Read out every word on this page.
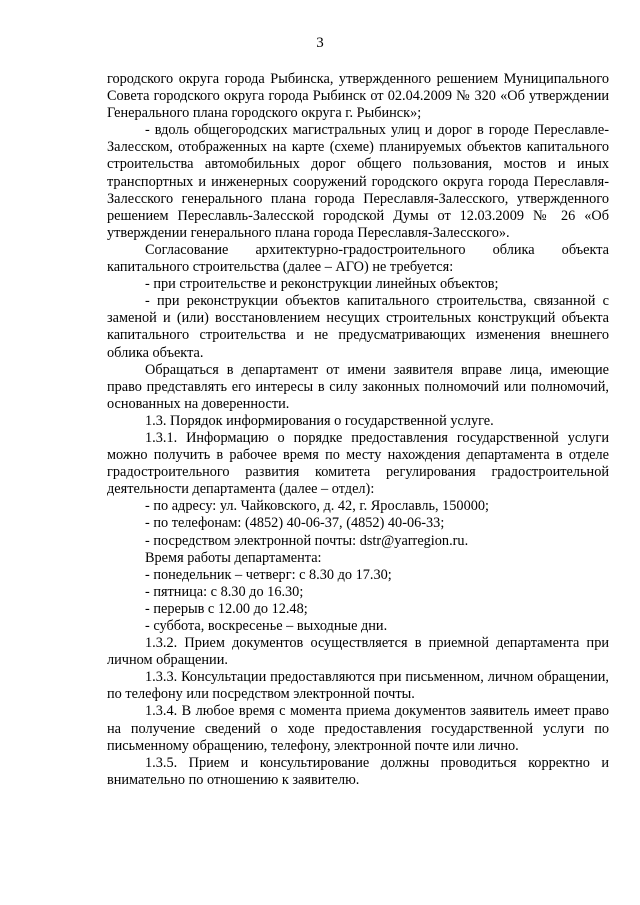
3

городского округа города Рыбинска, утвержденного решением Муниципального Совета городского округа города Рыбинск от 02.04.2009 № 320 «Об утверждении Генерального плана городского округа г. Рыбинск»;

- вдоль общегородских магистральных улиц и дорог в городе Переславле-Залесском, отображенных на карте (схеме) планируемых объектов капитального строительства автомобильных дорог общего пользования, мостов и иных транспортных и инженерных сооружений городского округа города Переславля-Залесского генерального плана города Переславля-Залесского, утвержденного решением Переславль-Залесской городской Думы от 12.03.2009 № 26 «Об утверждении генерального плана города Переславля-Залесского».

Согласование архитектурно-градостроительного облика объекта капитального строительства (далее – АГО) не требуется:

- при строительстве и реконструкции линейных объектов;

- при реконструкции объектов капитального строительства, связанной с заменой и (или) восстановлением несущих строительных конструкций объекта капитального строительства и не предусматривающих изменения внешнего облика объекта.

Обращаться в департамент от имени заявителя вправе лица, имеющие право представлять его интересы в силу законных полномочий или полномочий, основанных на доверенности.

1.3. Порядок информирования о государственной услуге.

1.3.1. Информацию о порядке предоставления государственной услуги можно получить в рабочее время по месту нахождения департамента в отделе градостроительного развития комитета регулирования градостроительной деятельности департамента (далее – отдел):

- по адресу: ул. Чайковского, д. 42, г. Ярославль, 150000;

- по телефонам: (4852) 40-06-37, (4852) 40-06-33;

- посредством электронной почты: dstr@yarregion.ru.

Время работы департамента:

- понедельник – четверг: с 8.30 до 17.30;

- пятница: с 8.30 до 16.30;

- перерыв с 12.00 до 12.48;

- суббота, воскресенье – выходные дни.

1.3.2. Прием документов осуществляется в приемной департамента при личном обращении.

1.3.3. Консультации предоставляются при письменном, личном обращении, по телефону или посредством электронной почты.

1.3.4. В любое время с момента приема документов заявитель имеет право на получение сведений о ходе предоставления государственной услуги по письменному обращению, телефону, электронной почте или лично.

1.3.5. Прием и консультирование должны проводиться корректно и внимательно по отношению к заявителю.
